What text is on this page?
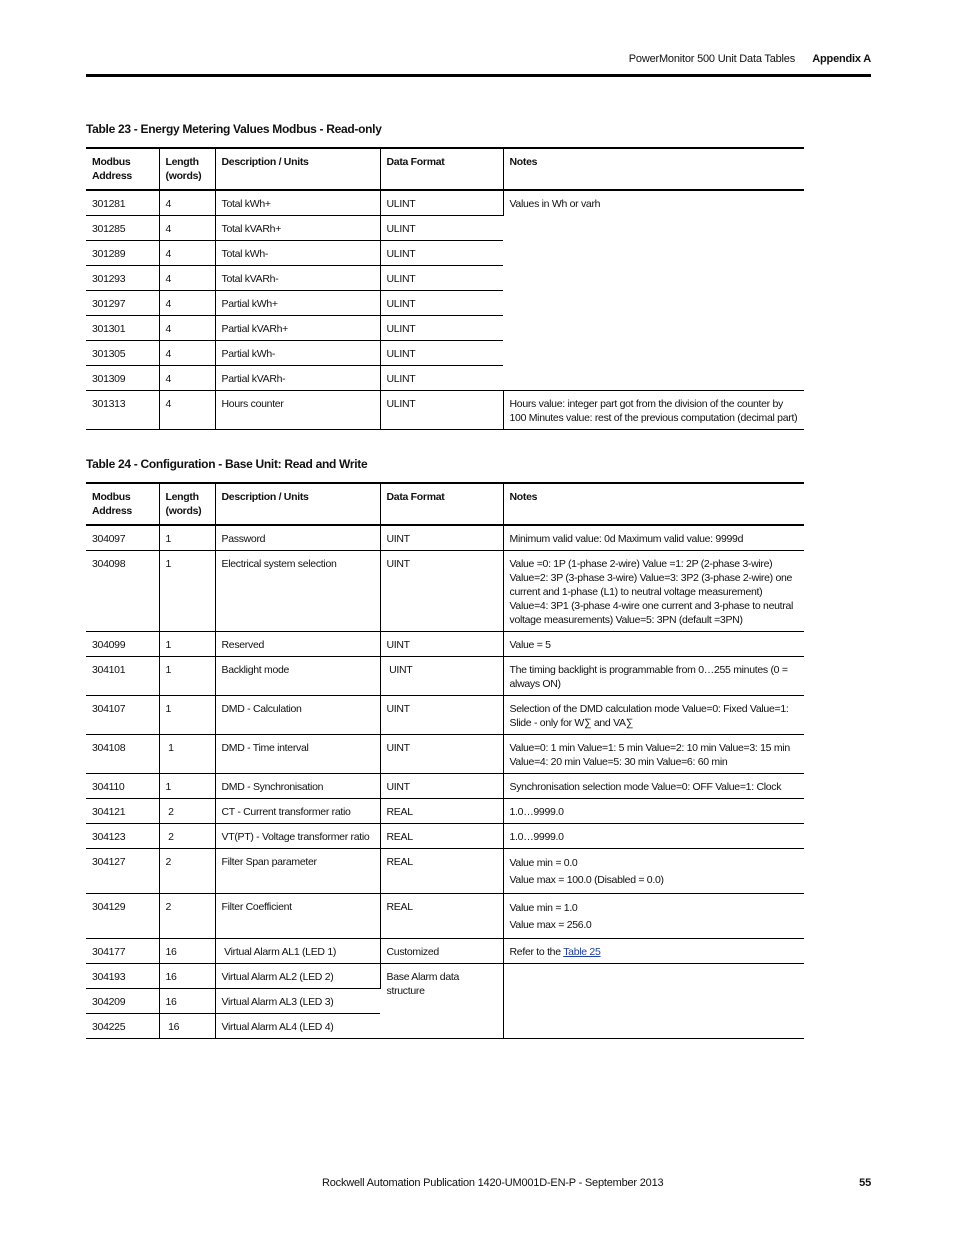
PowerMonitor 500 Unit Data Tables Appendix A
Table 23 - Energy Metering Values Modbus - Read-only
Modbus Address	Length (words)	Description / Units	Data Format	Notes
301281	4	Total kWh+	ULINT	Values in Wh or varh
301285	4	Total kVARh+	ULINT	
301289	4	Total kWh-	ULINT	
301293	4	Total kVARh-	ULINT	
301297	4	Partial kWh+	ULINT	
301301	4	Partial kVARh+	ULINT	
301305	4	Partial kWh-	ULINT	
301309	4	Partial kVARh-	ULINT	
301313	4	Hours counter	ULINT	Hours value: integer part got from the division of the counter by 100 Minutes value: rest of the previous computation (decimal part)
Table 24 - Configuration - Base Unit: Read and Write
Modbus Address	Length (words)	Description / Units	Data Format	Notes
304097	1	Password	UINT	Minimum valid value: 0d Maximum valid value: 9999d
304098	1	Electrical system selection	UINT	Value =0: 1P (1-phase 2-wire) Value =1: 2P (2-phase 3-wire) Value=2: 3P (3-phase 3-wire) Value=3: 3P2 (3-phase 2-wire) one current and 1-phase (L1) to neutral voltage measurement) Value=4: 3P1 (3-phase 4-wire one current and 3-phase to neutral voltage measurements) Value=5: 3PN (default =3PN)
304099	1	Reserved	UINT	Value = 5
304101	1	Backlight mode	UINT	The timing backlight is programmable from 0…255 minutes (0 = always ON)
304107	1	DMD - Calculation	UINT	Selection of the DMD calculation mode Value=0: Fixed Value=1: Slide - only for W∑ and VA∑
304108	1	DMD - Time interval	UINT	Value=0: 1 min Value=1: 5 min Value=2: 10 min Value=3: 15 min Value=4: 20 min Value=5: 30 min Value=6: 60 min
304110	1	DMD - Synchronisation	UINT	Synchronisation selection mode Value=0: OFF Value=1: Clock
304121	2	CT - Current transformer ratio	REAL	1.0…9999.0
304123	2	VT(PT) - Voltage transformer ratio	REAL	1.0…9999.0
304127	2	Filter Span parameter	REAL	Value min = 0.0
Value max = 100.0 (Disabled = 0.0)

304129	2	Filter Coefficient	REAL	Value min = 1.0
Value max = 256.0

304177	16	Virtual Alarm AL1 (LED 1)	Customized	Refer to the Table 25
304193	16	Virtual Alarm AL2 (LED 2)	Base Alarm data structure	
304209	16	Virtual Alarm AL3 (LED 3)		
304225	16	Virtual Alarm AL4 (LED 4)		
Rockwell Automation Publication 1420-UM001D-EN-P - September 2013	55
